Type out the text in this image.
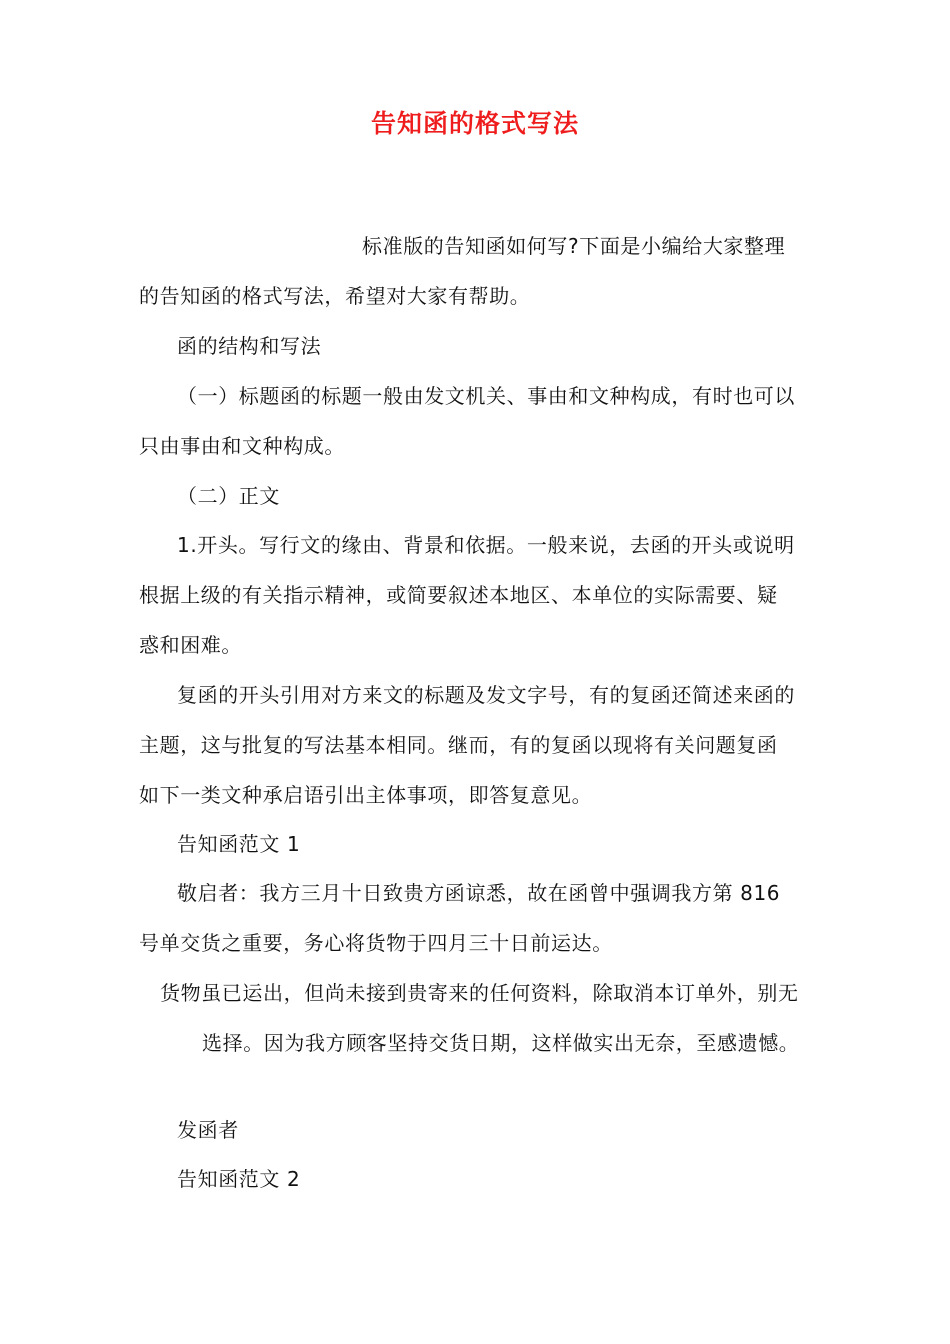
告知函的格式写法
标准版的告知函如何写?下面是小编给大家整理
的告知函的格式写法，希望对大家有帮助。
函的结构和写法
（一）标题函的标题一般由发文机关、事由和文种构成，有时也可以
只由事由和文种构成。
（二）正文
1.开头。写行文的缘由、背景和依据。一般来说，去函的开头或说明
根据上级的有关指示精神，或简要叙述本地区、本单位的实际需要、疑
惑和困难。
复函的开头引用对方来文的标题及发文字号，有的复函还简述来函的
主题，这与批复的写法基本相同。继而，有的复函以现将有关问题复函
如下一类文种承启语引出主体事项，即答复意见。
告知函范文 1
敬启者：我方三月十日致贵方函谅悉，故在函曾中强调我方第 816
号单交货之重要，务心将货物于四月三十日前运达。
货物虽已运出，但尚未接到贵寄来的任何资料，除取消本订单外，别无
选择。因为我方顾客坚持交货日期，这样做实出无奈，至感遗憾。
发函者
告知函范文 2
